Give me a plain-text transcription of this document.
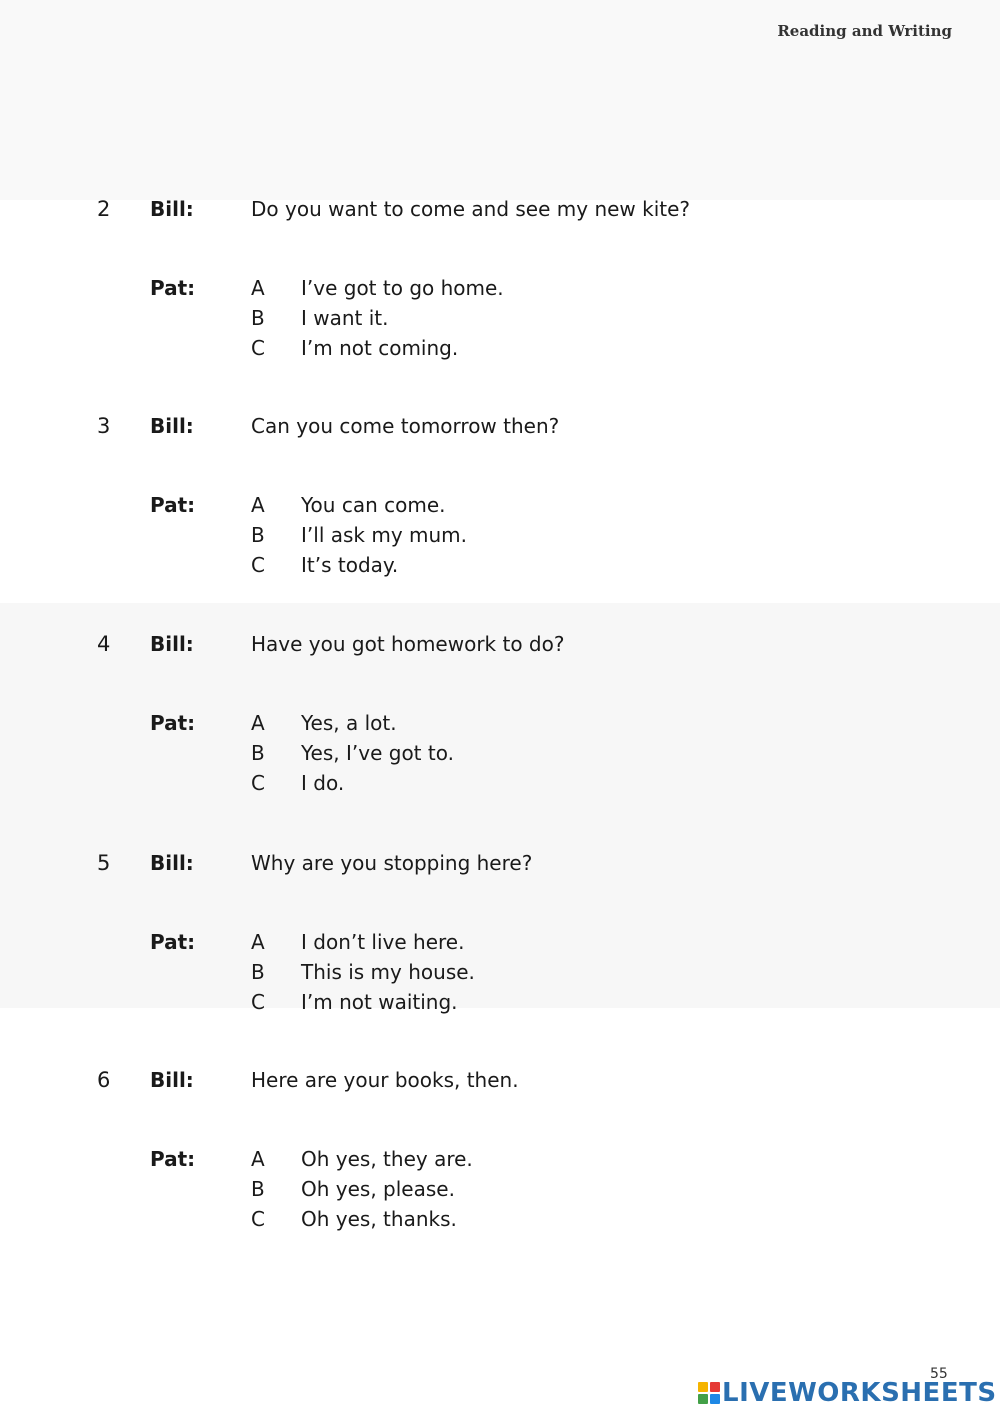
Reading and Writing
2 Bill:	Do you want to come and see my new kite?
Pat:	A I’ve got to go home.
B I want it.
C I’m not coming.
3 Bill:	Can you come tomorrow then?
Pat:	A You can come.
B I’ll ask my mum.
C It’s today.
4 Bill:	Have you got homework to do?
Pat:	A Yes, a lot.
B Yes, I’ve got to.
C I do.
5 Bill:	Why are you stopping here?
Pat:	A I don’t live here.
B This is my house.
C I’m not waiting.
6 Bill:	Here are your books, then.
Pat:	A Oh yes, they are.
B Oh yes, please.
C Oh yes, thanks.
55
LIVEWORKSHEETS
